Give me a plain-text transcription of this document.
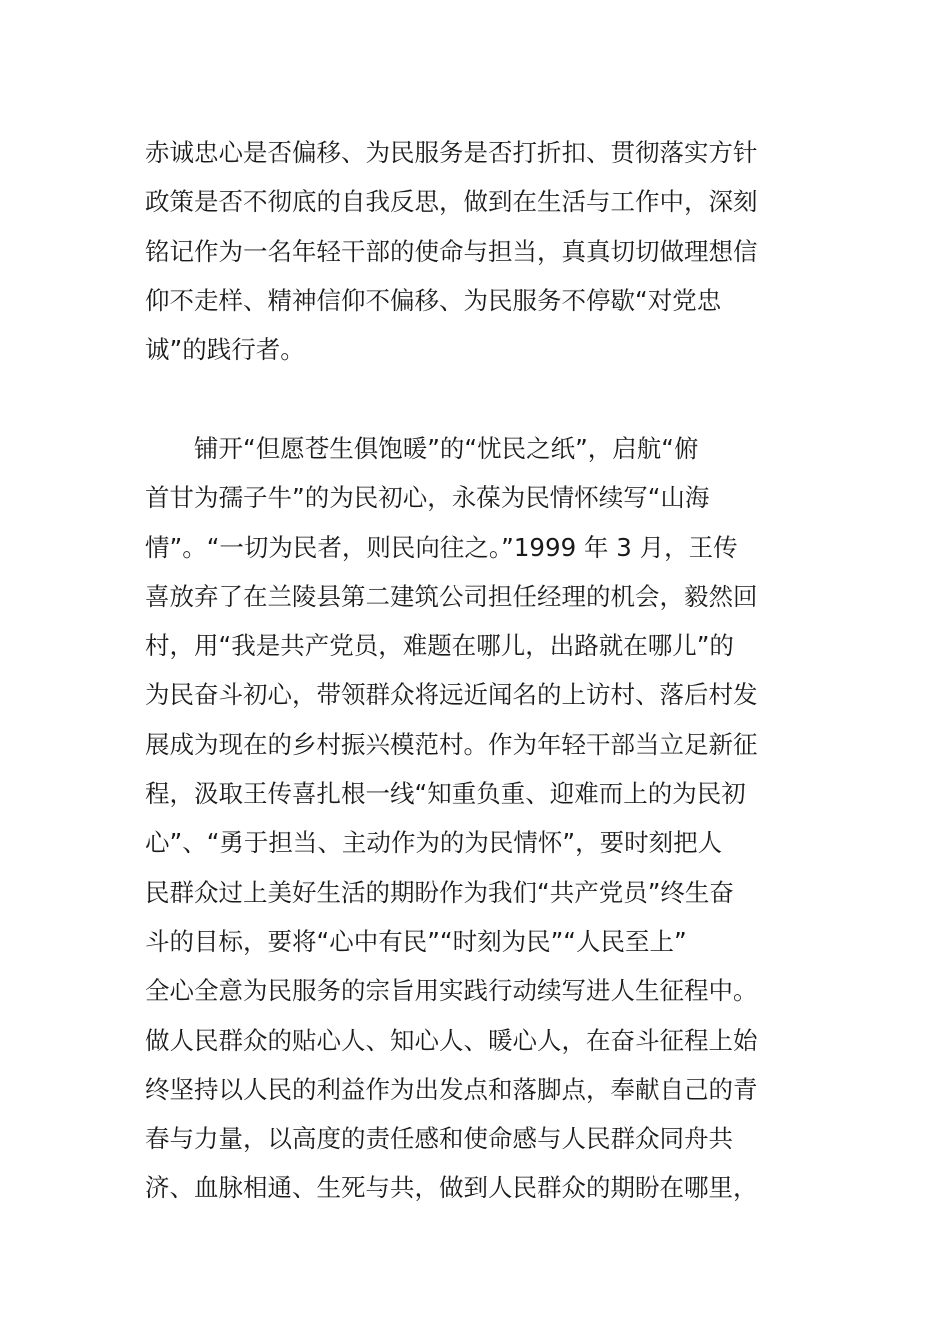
赤诚忠心是否偏移、为民服务是否打折扣、贯彻落实方针
政策是否不彻底的自我反思，做到在生活与工作中，深刻
铭记作为一名年轻干部的使命与担当，真真切切做理想信
仰不走样、精神信仰不偏移、为民服务不停歇“对党忠
诚”的践行者。
　　铺开“但愿苍生俱饱暖”的“忧民之纸”，启航“俯
首甘为孺子牛”的为民初心，永葆为民情怀续写“山海
情”。“一切为民者，则民向往之。”1999 年 3 月，王传
喜放弃了在兰陵县第二建筑公司担任经理的机会，毅然回
村，用“我是共产党员，难题在哪儿，出路就在哪儿”的
为民奋斗初心，带领群众将远近闻名的上访村、落后村发
展成为现在的乡村振兴模范村。作为年轻干部当立足新征
程，汲取王传喜扎根一线“知重负重、迎难而上的为民初
心”、“勇于担当、主动作为的为民情怀”，要时刻把人
民群众过上美好生活的期盼作为我们“共产党员”终生奋
斗的目标，要将“心中有民”“时刻为民”“人民至上”
全心全意为民服务的宗旨用实践行动续写进人生征程中。
做人民群众的贴心人、知心人、暖心人，在奋斗征程上始
终坚持以人民的利益作为出发点和落脚点，奉献自己的青
春与力量，以高度的责任感和使命感与人民群众同舟共
济、血脉相通、生死与共，做到人民群众的期盼在哪里，
